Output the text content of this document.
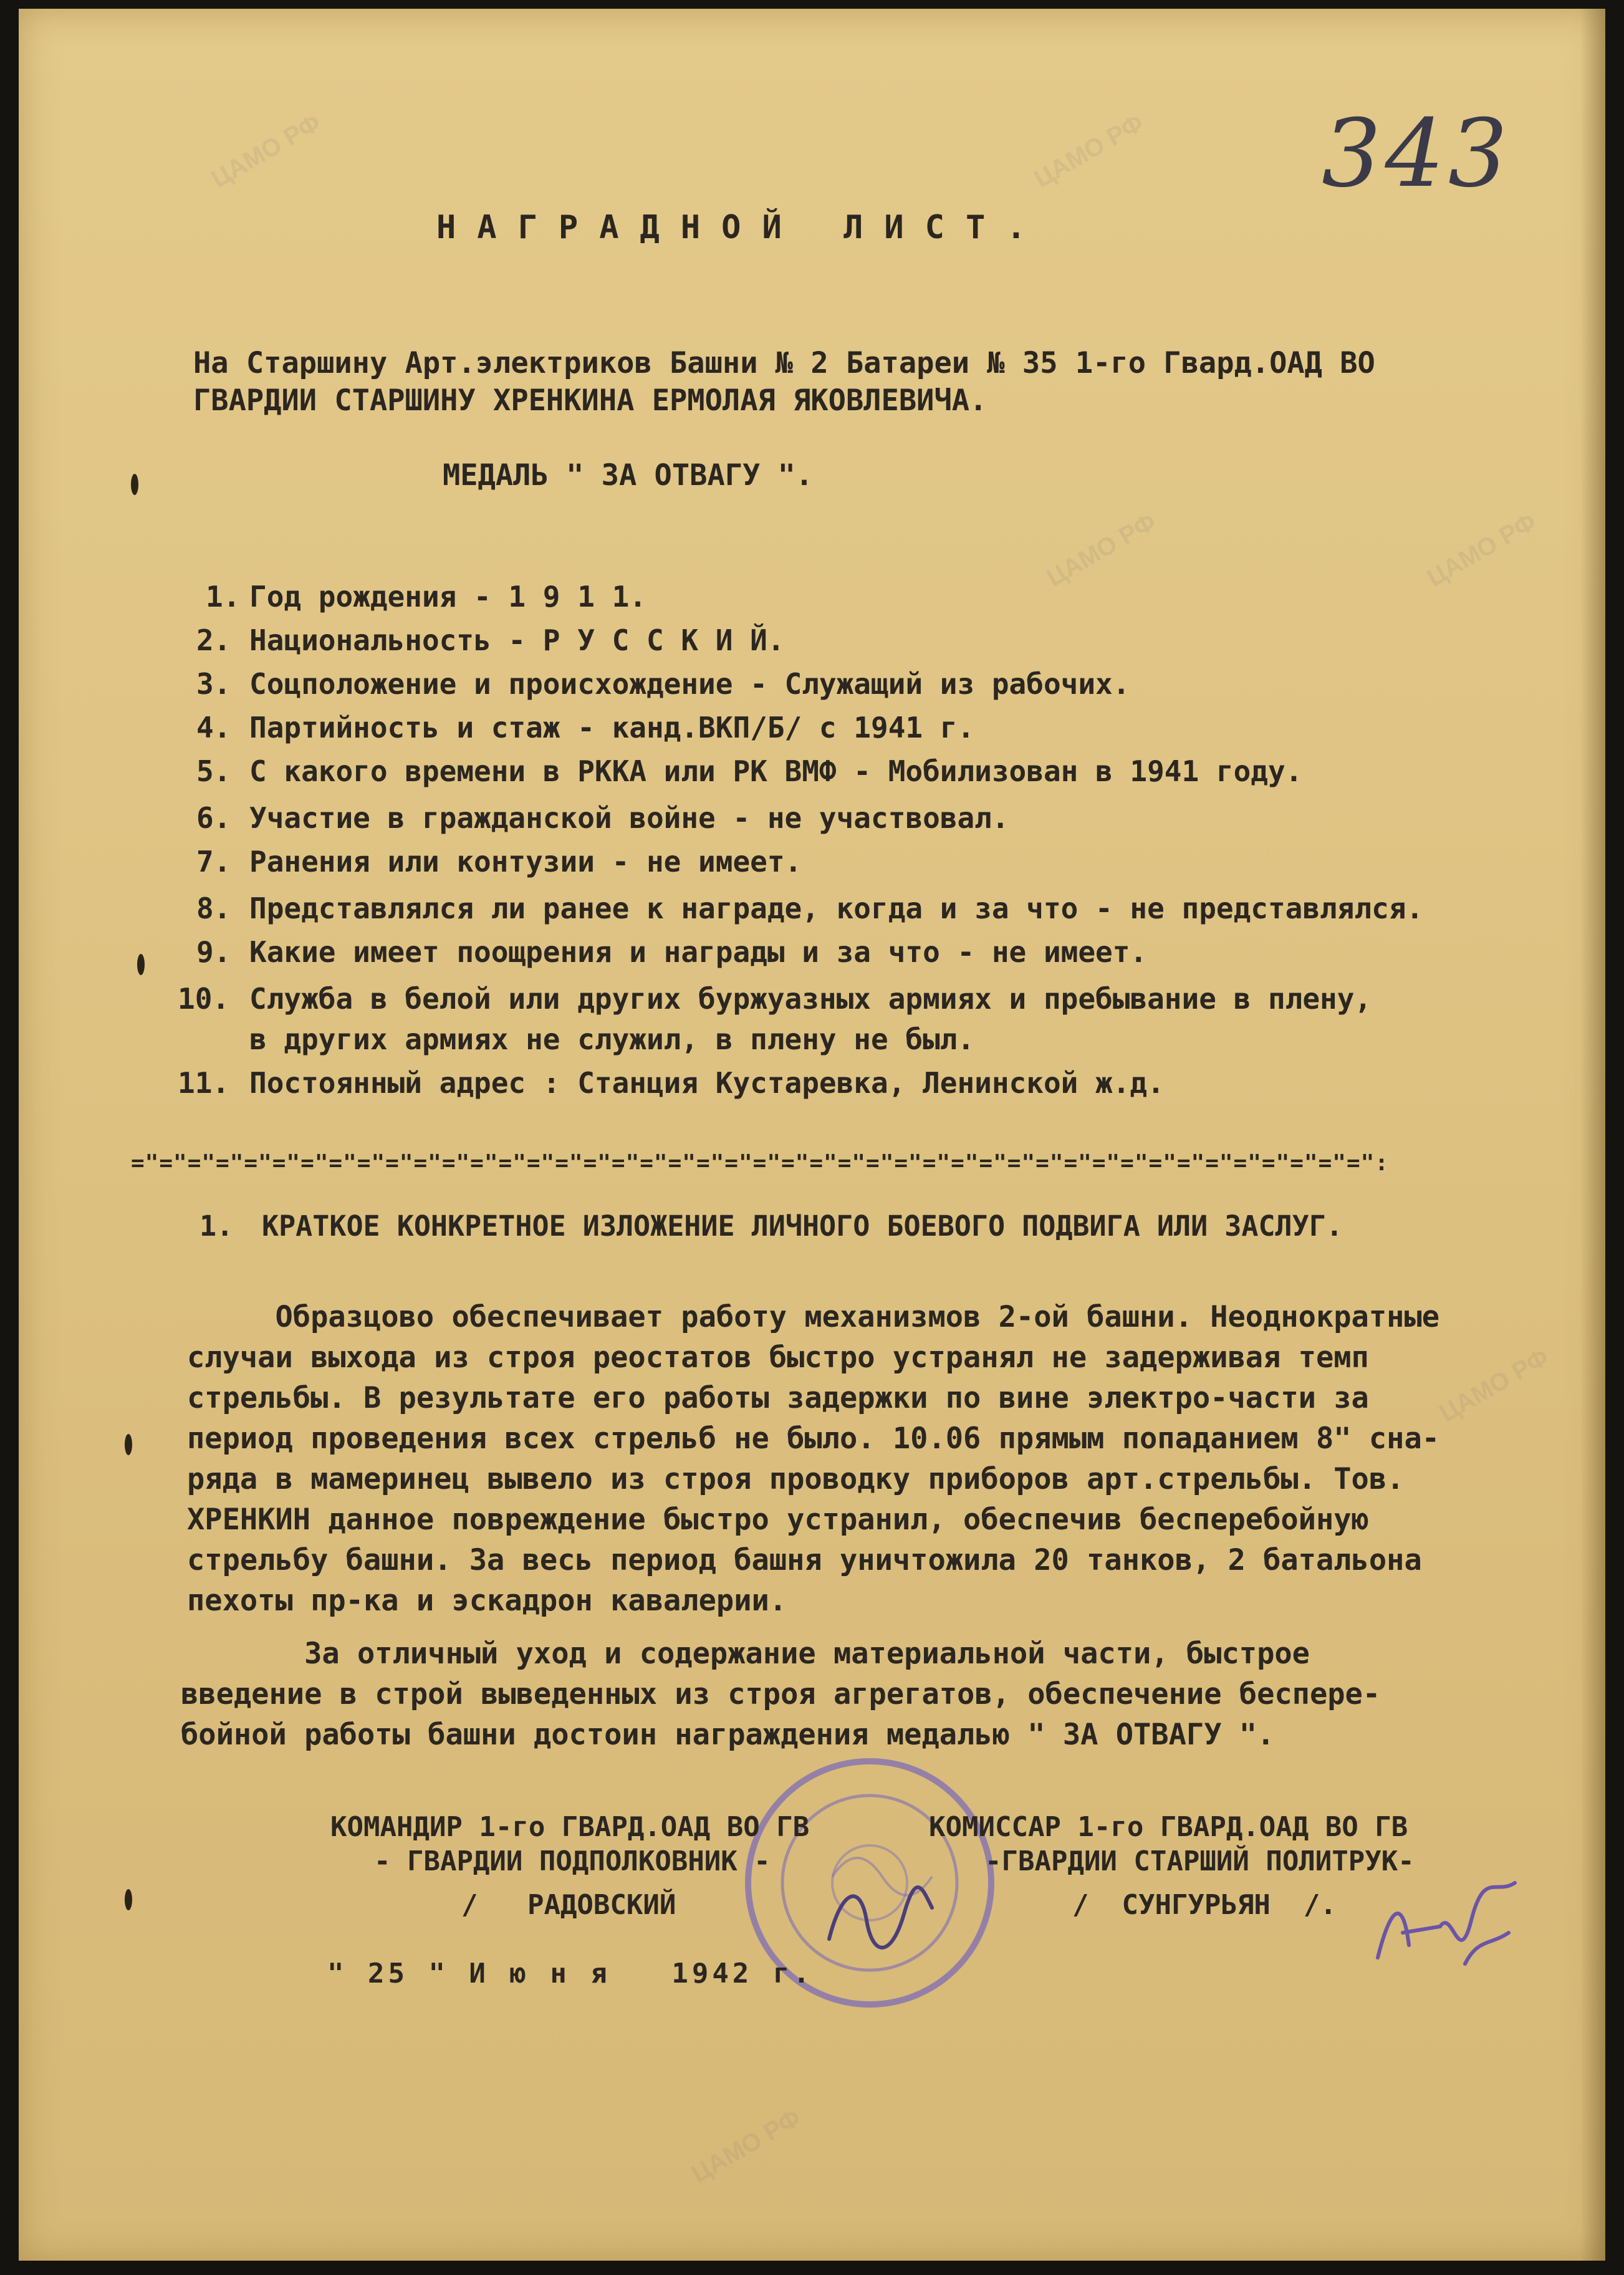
ЦАМО РФ	ЦАМО РФ
ЦАМО РФ	ЦАМО РФ
ЦАМО РФ
ЦАМО РФ
343
НАГРАДНОЙ ЛИСТ.
На Старшину Арт.электриков Башни № 2 Батареи № 35 1-го Гвард.ОАД ВО
ГВАРДИИ СТАРШИНУ ХРЕНКИНА ЕРМОЛАЯ ЯКОВЛЕВИЧА.
МЕДАЛЬ " ЗА ОТВАГУ ".
1. Год рождения - 1 9 1 1.
2. Национальность - Р У С С К И Й.
3. Соцположение и происхождение - Служащий из рабочих.
4. Партийность и стаж - канд.ВКП/Б/ с 1941 г.
5. С какого времени в РККА или РК ВМФ - Мобилизован в 1941 году.
6. Участие в гражданской войне - не участвовал.
7. Ранения или контузии - не имеет.
8. Представлялся ли ранее к награде, когда и за что - не представлялся.
9. Какие имеет поощрения и награды и за что - не имеет.
10. Служба в белой или других буржуазных армиях и пребывание в плену,
в других армиях не служил, в плену не был.
11. Постоянный адрес : Станция Кустаревка, Ленинской ж.д.
="="="="="="="="="="="="="="="="="="="="="="="="="="="="="="="="="="="="="="="="="="="=":
1. КРАТКОЕ КОНКРЕТНОЕ ИЗЛОЖЕНИЕ ЛИЧНОГО БОЕВОГО ПОДВИГА ИЛИ ЗАСЛУГ.
Образцово обеспечивает работу механизмов 2-ой башни. Неоднократные
случаи выхода из строя реостатов быстро устранял не задерживая темп
стрельбы. В результате его работы задержки по вине электро-части за
период проведения всех стрельб не было. 10.06 прямым попаданием 8" сна-
ряда в мамеринец вывело из строя проводку приборов арт.стрельбы. Тов.
ХРЕНКИН данное повреждение быстро устранил, обеспечив бесперебойную
стрельбу башни. За весь период башня уничтожила 20 танков, 2 батальона
пехоты пр-ка и эскадрон кавалерии.
За отличный уход и содержание материальной части, быстрое
введение в строй выведенных из строя агрегатов, обеспечение бесперe-
бойной работы башни достоин награждения медалью " ЗА ОТВАГУ ".
КОМАНДИР 1-го ГВАРД.ОАД ВО ГВ
- ГВАРДИИ ПОДПОЛКОВНИК -
/   РАДОВСКИЙ
КОМИССАР 1-го ГВАРД.ОАД ВО ГВ
-ГВАРДИИ СТАРШИЙ ПОЛИТРУК-
/  СУНГУРЬЯН  /.
" 25 " И ю н я   1942 г.
